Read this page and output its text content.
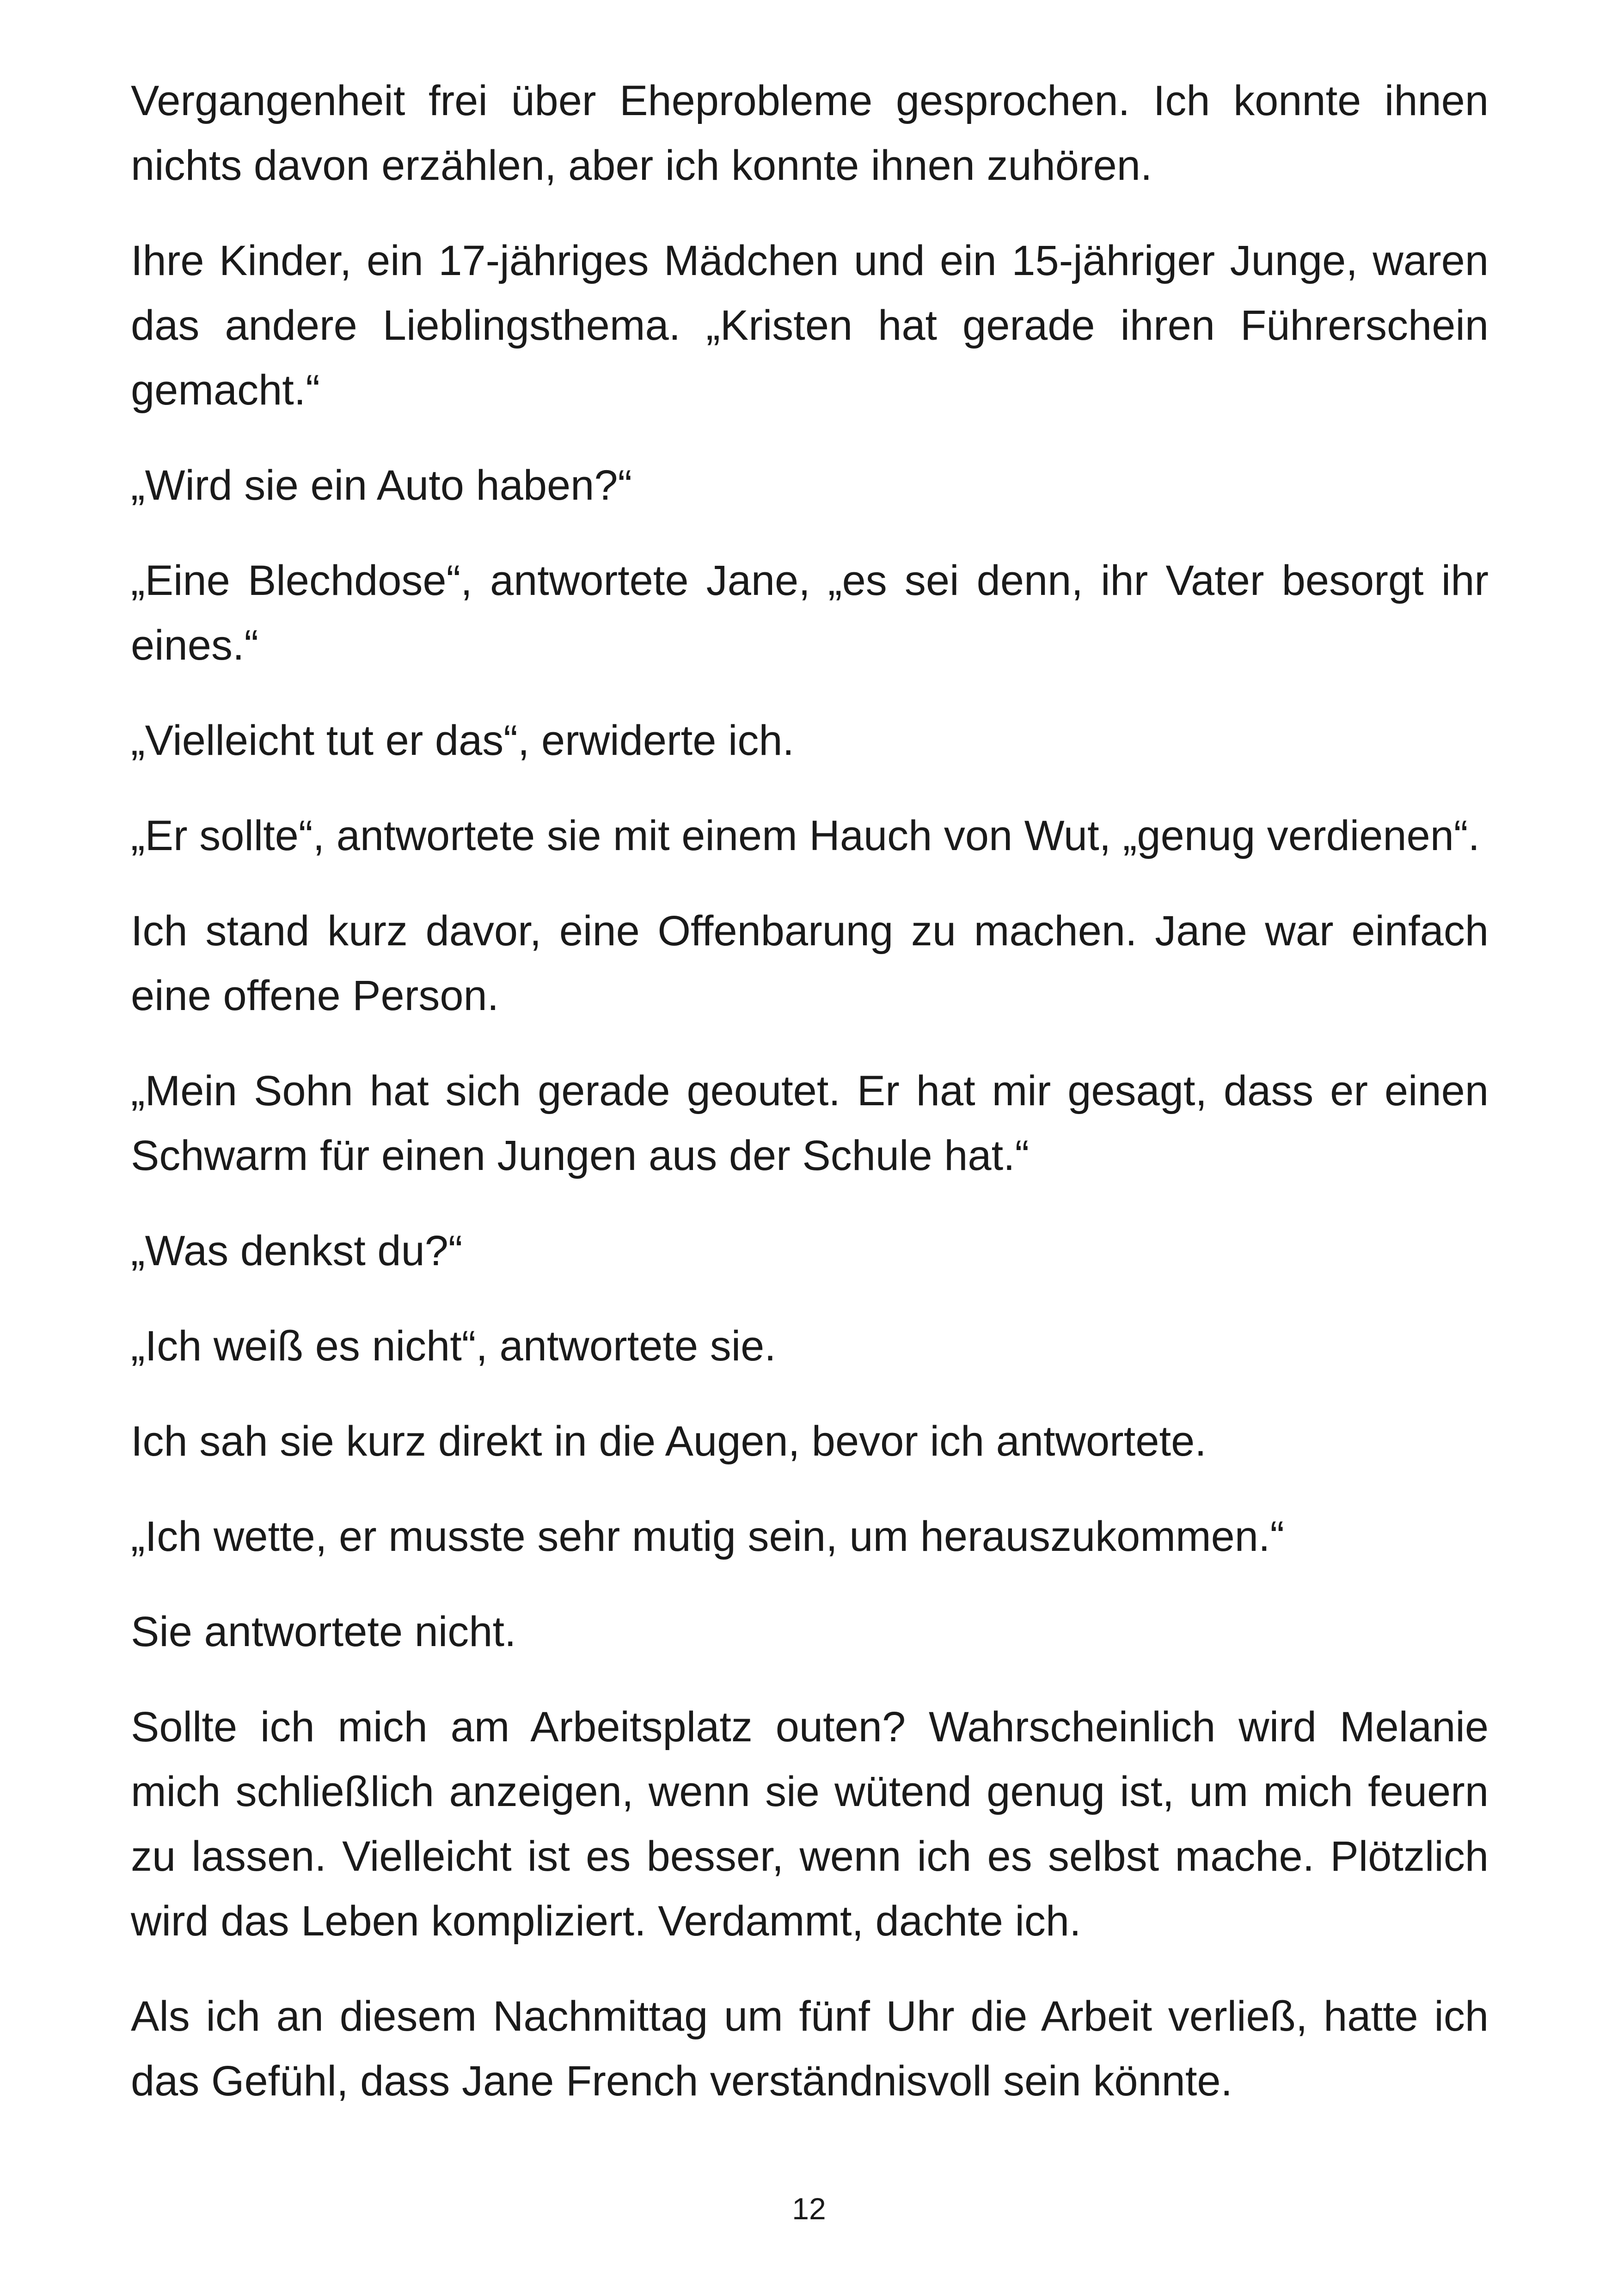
Vergangenheit frei über Eheprobleme gesprochen. Ich konnte ihnen nichts davon erzählen, aber ich konnte ihnen zuhören.

Ihre Kinder, ein 17-jähriges Mädchen und ein 15-jähriger Junge, waren das andere Lieblingsthema. „Kristen hat gerade ihren Führerschein gemacht.“

„Wird sie ein Auto haben?“

„Eine Blechdose“, antwortete Jane, „es sei denn, ihr Vater besorgt ihr eines.“

„Vielleicht tut er das“, erwiderte ich.

„Er sollte“, antwortete sie mit einem Hauch von Wut, „genug verdienen“.

Ich stand kurz davor, eine Offenbarung zu machen. Jane war einfach eine offene Person.

„Mein Sohn hat sich gerade geoutet. Er hat mir gesagt, dass er einen Schwarm für einen Jungen aus der Schule hat.“

„Was denkst du?“

„Ich weiß es nicht“, antwortete sie.

Ich sah sie kurz direkt in die Augen, bevor ich antwortete.

„Ich wette, er musste sehr mutig sein, um herauszukommen.“

Sie antwortete nicht.

Sollte ich mich am Arbeitsplatz outen? Wahrscheinlich wird Melanie mich schließlich anzeigen, wenn sie wütend genug ist, um mich feuern zu lassen. Vielleicht ist es besser, wenn ich es selbst mache. Plötzlich wird das Leben kompliziert. Verdammt, dachte ich.

Als ich an diesem Nachmittag um fünf Uhr die Arbeit verließ, hatte ich das Gefühl, dass Jane French verständnisvoll sein könnte.

12
